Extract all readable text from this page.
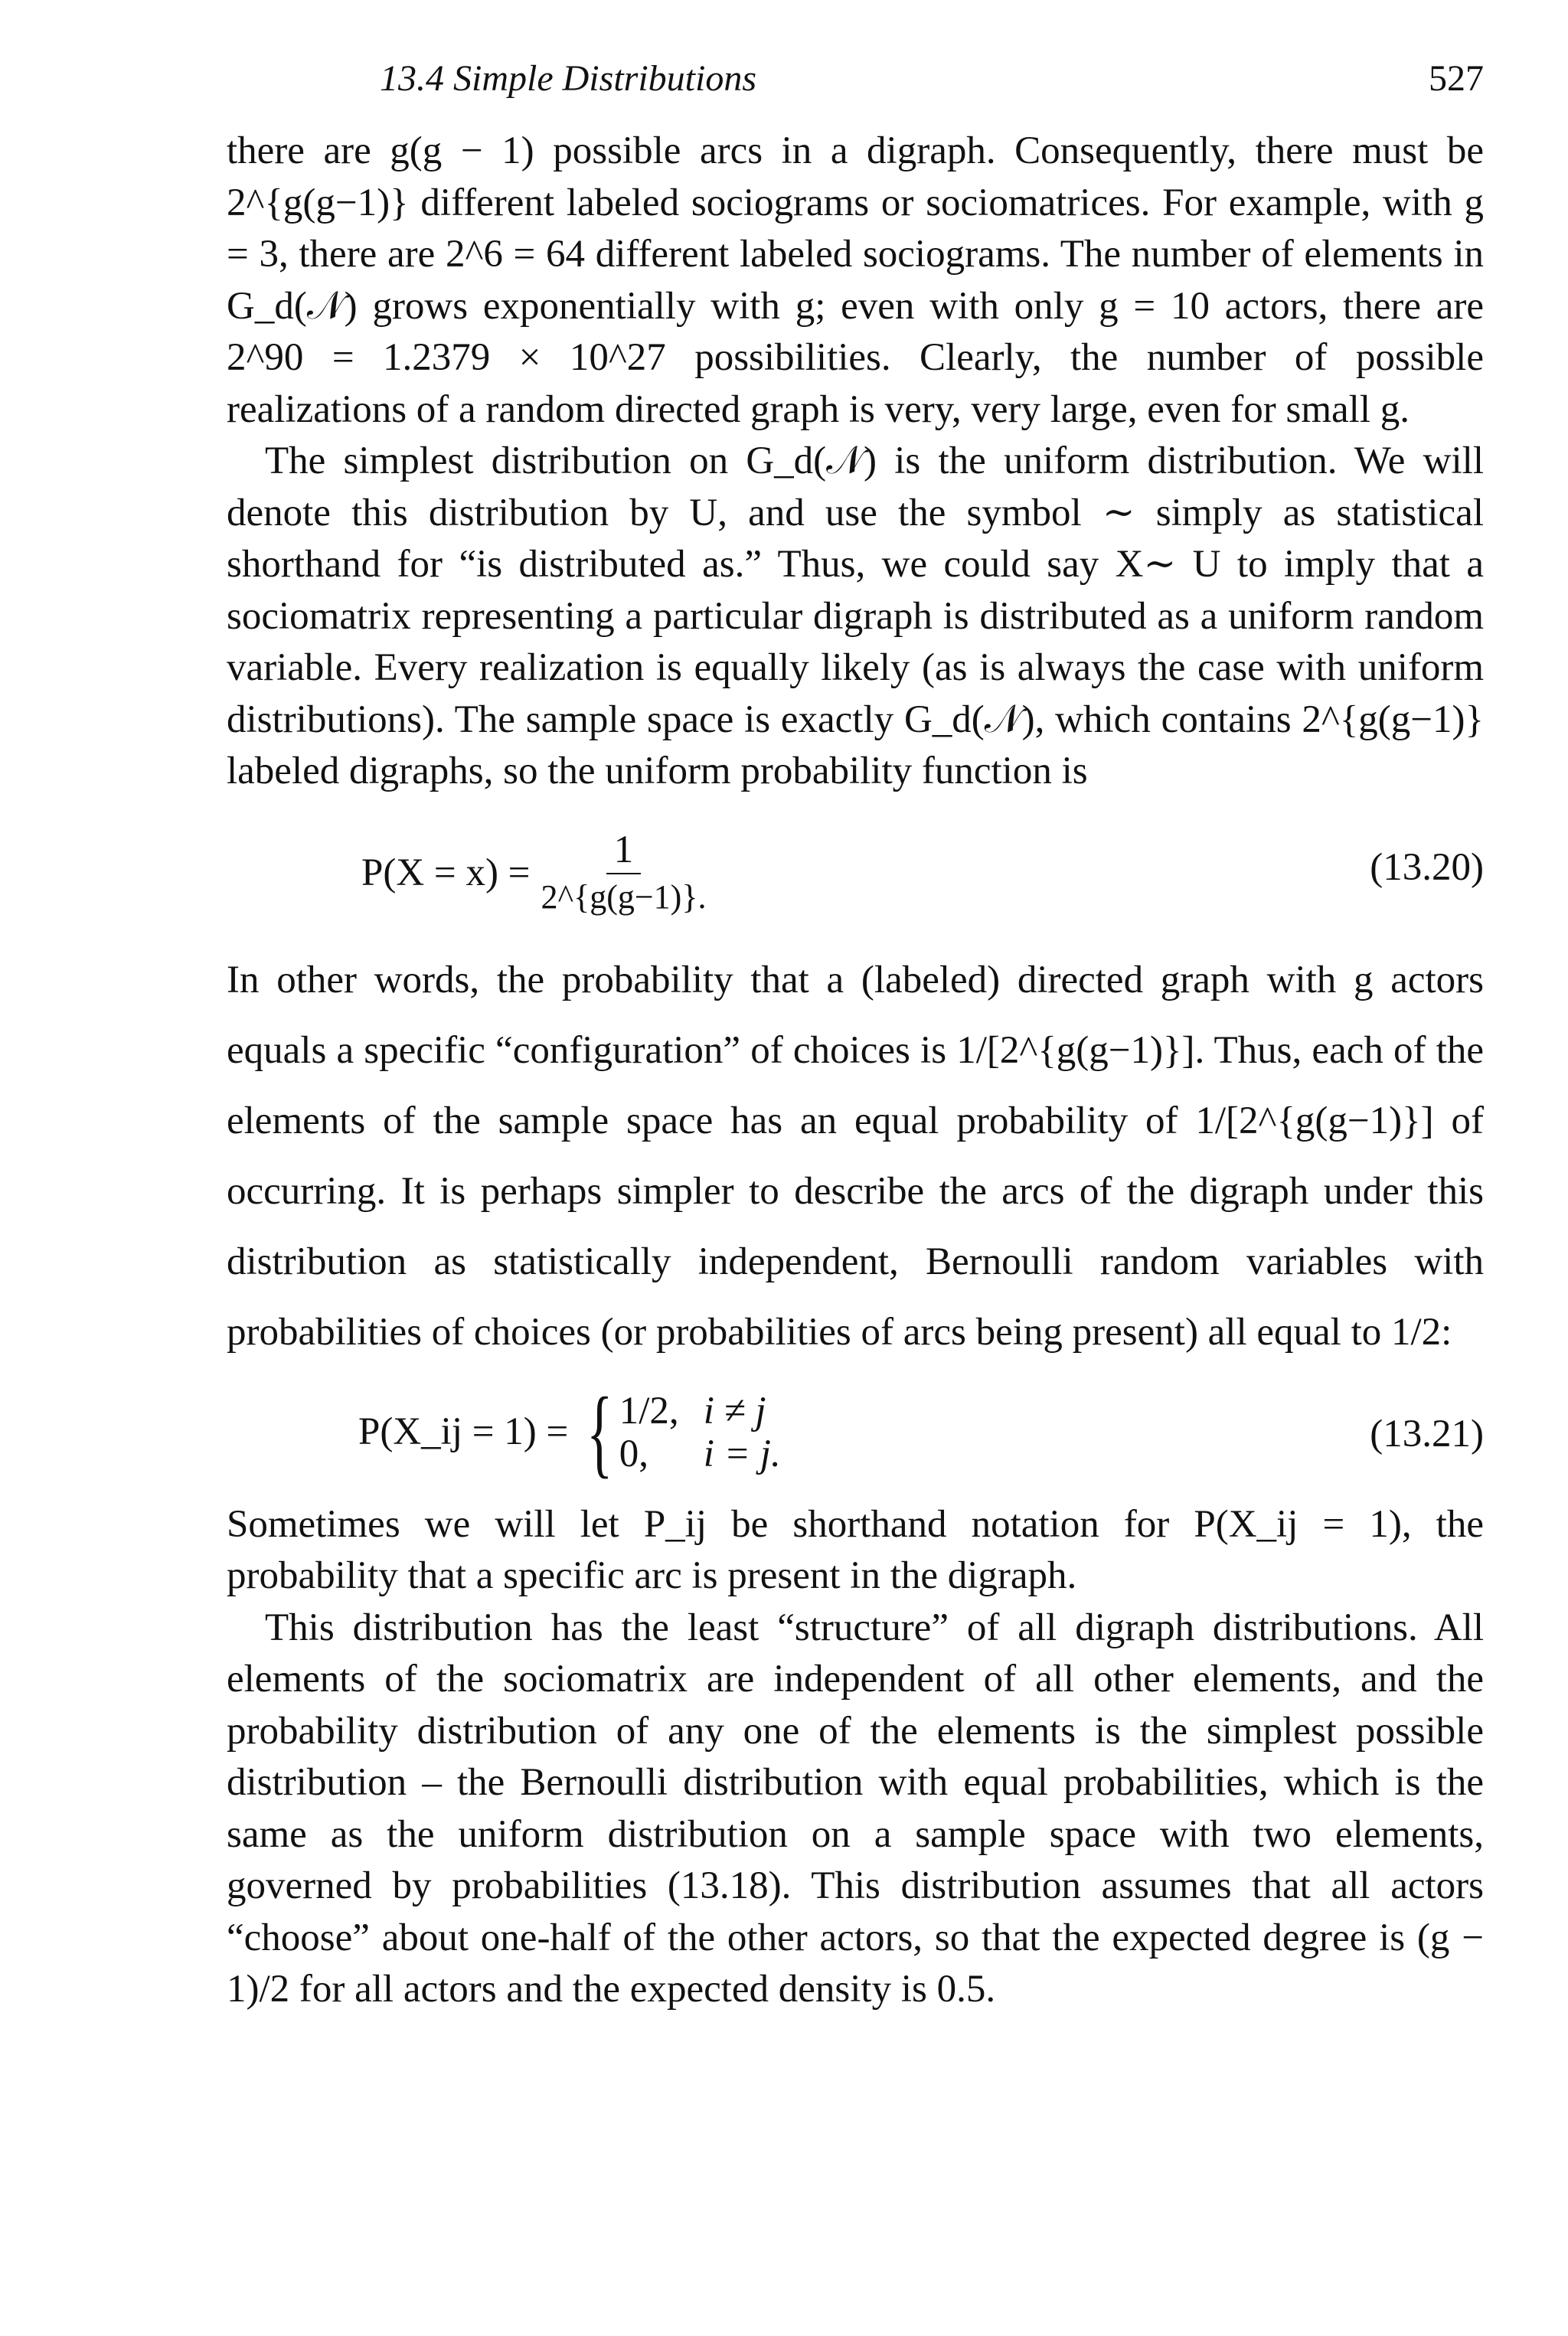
13.4 Simple Distributions	527

there are g(g − 1) possible arcs in a digraph. Consequently, there must be 2^{g(g−1)} different labeled sociograms or sociomatrices. For example, with g = 3, there are 2^6 = 64 different labeled sociograms. The number of elements in G_d(𝒩) grows exponentially with g; even with only g = 10 actors, there are 2^90 = 1.2379 × 10^27 possibilities. Clearly, the number of possible realizations of a random directed graph is very, very large, even for small g.

The simplest distribution on G_d(𝒩) is the uniform distribution. We will denote this distribution by U, and use the symbol ∼ simply as statistical shorthand for “is distributed as.” Thus, we could say X∼ U to imply that a sociomatrix representing a particular digraph is distributed as a uniform random variable. Every realization is equally likely (as is always the case with uniform distributions). The sample space is exactly G_d(𝒩), which contains 2^{g(g−1)} labeled digraphs, so the uniform probability function is

$P(X = x) = \frac{1}{2\^{}\{g(g-1)\}.}$	(13.20)

In other words, the probability that a (labeled) directed graph with g actors equals a specific “configuration” of choices is 1/[2^{g(g−1)}]. Thus, each of the elements of the sample space has an equal probability of 1/[2^{g(g−1)}] of occurring. It is perhaps simpler to describe the arcs of the digraph under this distribution as statistically independent, Bernoulli random variables with probabilities of choices (or probabilities of arcs being present) all equal to 1/2:

P(X_ij = 1) = { 1/2, i ≠ j
0,	i = j.	(13.21)

Sometimes we will let P_ij be shorthand notation for P(X_ij = 1), the probability that a specific arc is present in the digraph.

This distribution has the least “structure” of all digraph distributions. All elements of the sociomatrix are independent of all other elements, and the probability distribution of any one of the elements is the simplest possible distribution – the Bernoulli distribution with equal probabilities, which is the same as the uniform distribution on a sample space with two elements, governed by probabilities (13.18). This distribution assumes that all actors “choose” about one-half of the other actors, so that the expected degree is (g − 1)/2 for all actors and the expected density is 0.5.
